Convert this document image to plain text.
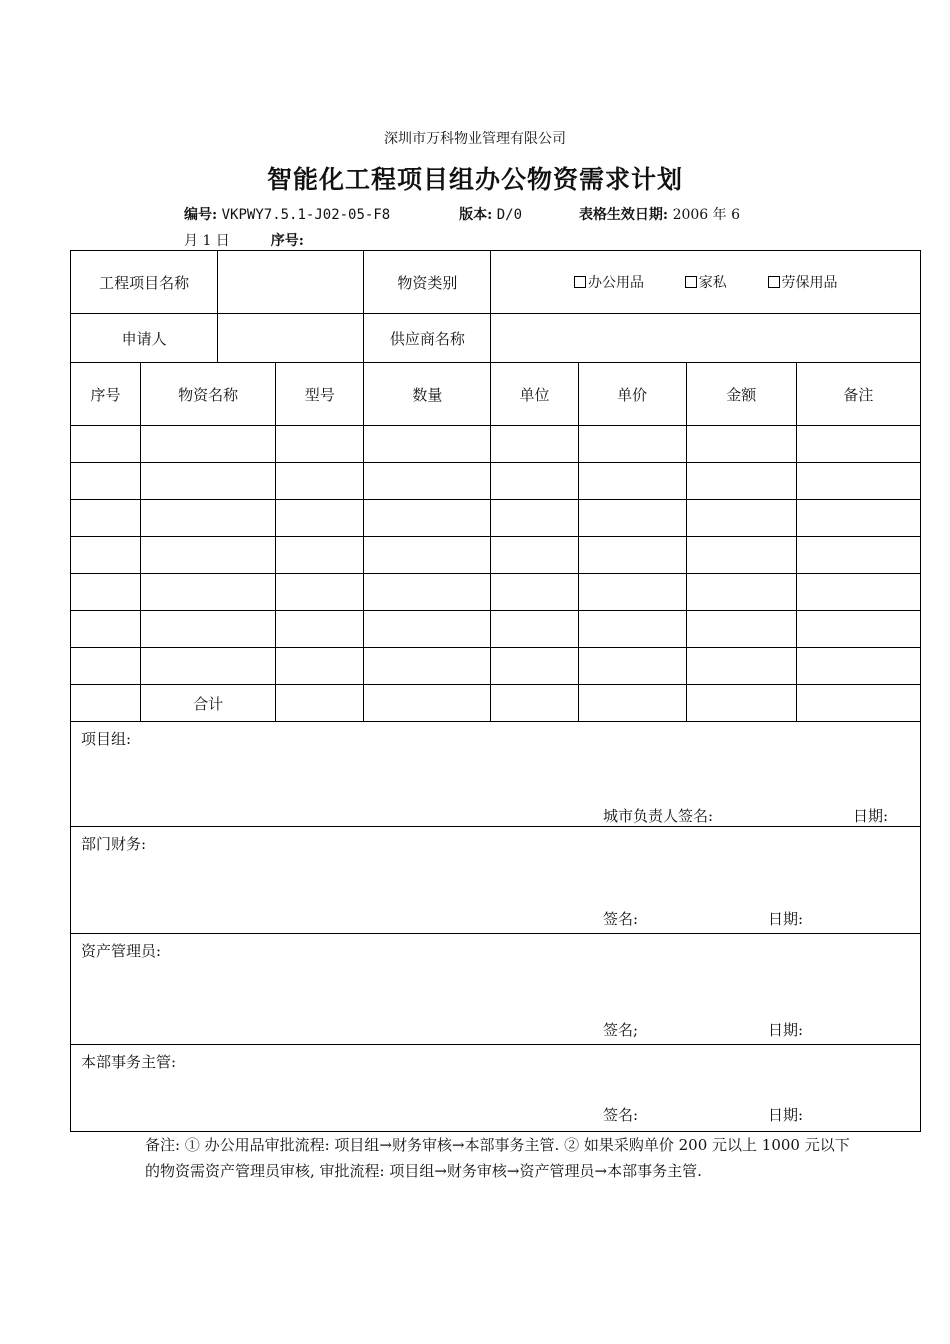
深圳市万科物业管理有限公司
智能化工程项目组办公物资需求计划
编号: VKPWY7.5.1-J02-05-F8	版本: D/0	表格生效日期: 2006 年 6
月 1 日	序号:
工程项目名称				物资类别	办公用品 家私 劳保用品			
申请人				供应商名称				
序号	物资名称		型号	数量	单位	单价	金额	备注

	合计							

项目组:
城市负责人签名: 日期:								

部门财务:
签名: 日期:								

资产管理员:
签名; 日期:								

本部事务主管:
签名: 日期:								
备注: ① 办公用品审批流程: 项目组→财务审核→本部事务主管. ② 如果采购单价 200 元以上 1000 元以下的物资需资产管理员审核, 审批流程: 项目组→财务审核→资产管理员→本部事务主管.
